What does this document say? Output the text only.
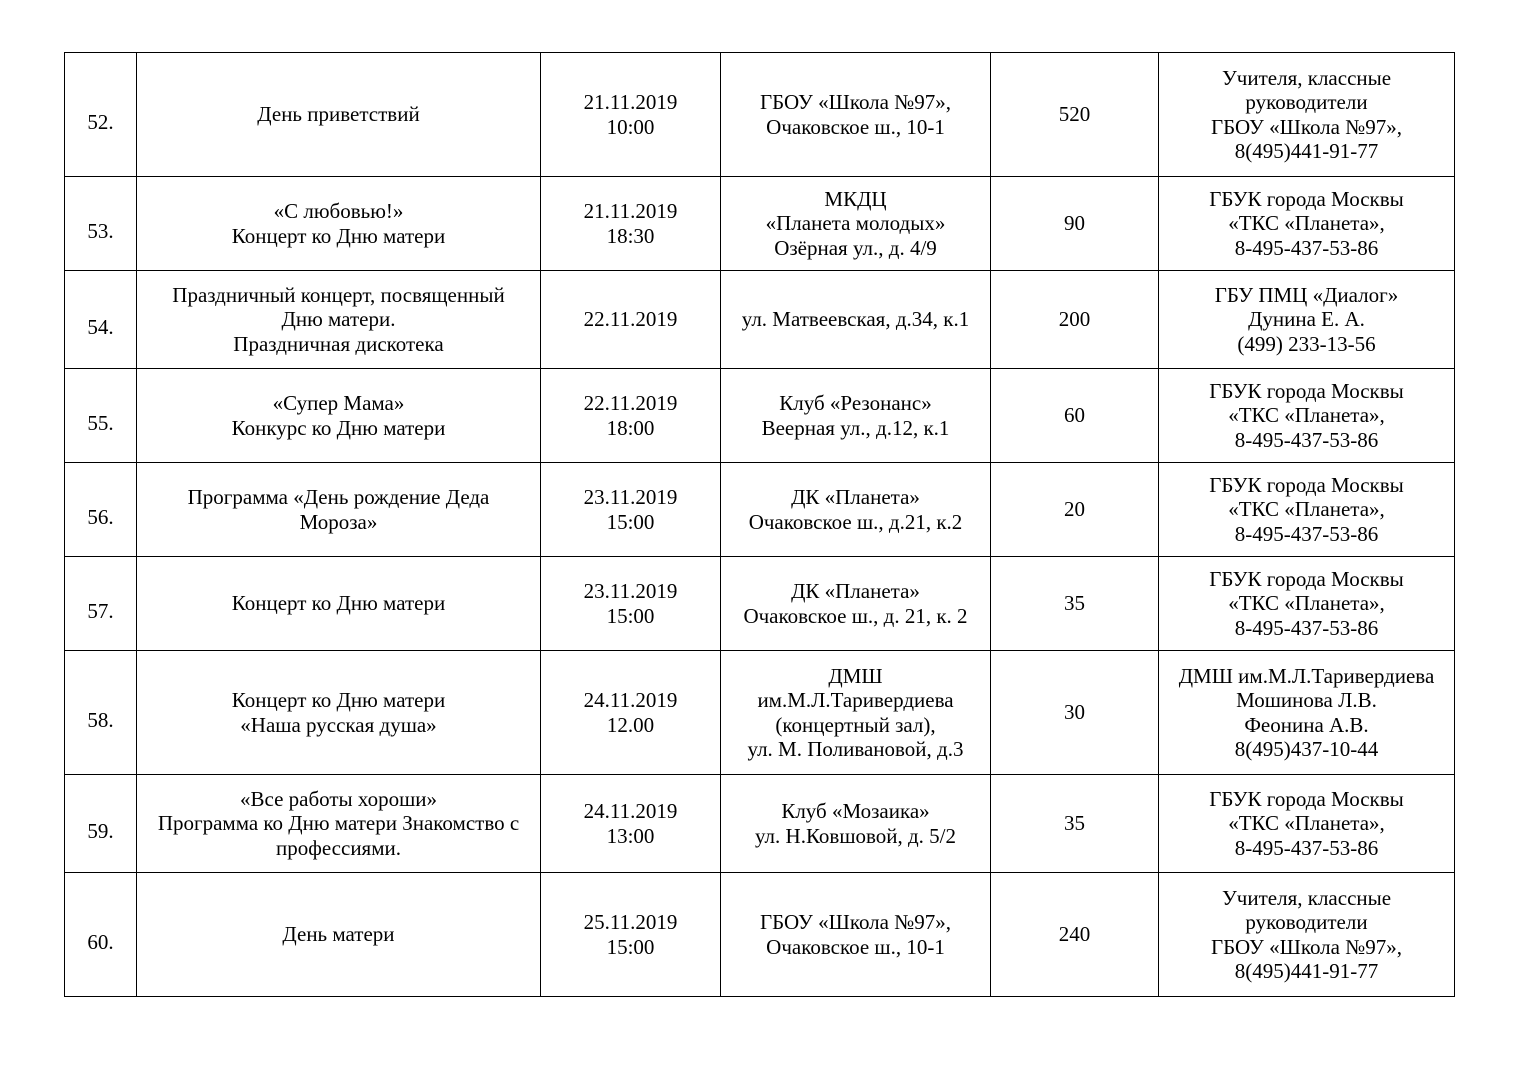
52.	День приветствий	21.11.2019
10:00	ГБОУ «Школа №97»,
Очаковское ш., 10-1	520	Учителя, классные
руководители
ГБОУ «Школа №97»,
8(495)441-91-77

53.	«С любовью!»
Концерт ко Дню матери	21.11.2019
18:30	МКДЦ
«Планета молодых»
Озёрная ул., д. 4/9	90	ГБУК города Москвы
«ТКС «Планета»,
8-495-437-53-86

54.	Праздничный концерт, посвященный
Дню матери.
Праздничная дискотека	22.11.2019	ул. Матвеевская, д.34, к.1	200	ГБУ ПМЦ «Диалог»
Дунина Е. А.
(499) 233-13-56

55.	«Супер Мама»
Конкурс ко Дню матери	22.11.2019
18:00	Клуб «Резонанс»
Веерная ул., д.12, к.1	60	ГБУК города Москвы
«ТКС «Планета»,
8-495-437-53-86

56.	Программа «День рождение Деда
Мороза»	23.11.2019
15:00	ДК «Планета»
Очаковское ш., д.21, к.2	20	ГБУК города Москвы
«ТКС «Планета»,
8-495-437-53-86

57.	Концерт ко Дню матери	23.11.2019
15:00	ДК «Планета»
Очаковское ш., д. 21, к. 2	35	ГБУК города Москвы
«ТКС «Планета»,
8-495-437-53-86

58.	Концерт ко Дню матери
«Наша русская душа»	24.11.2019
12.00	ДМШ
им.М.Л.Таривердиева
(концертный зал),
ул. М. Поливановой, д.3	30	ДМШ им.М.Л.Таривердиева
Мошинова Л.В.
Феонина А.В.
8(495)437-10-44

59.	«Все работы хороши»
Программа ко Дню матери Знакомство с
профессиями.	24.11.2019
13:00	Клуб «Мозаика»
ул. Н.Ковшовой, д. 5/2	35	ГБУК города Москвы
«ТКС «Планета»,
8-495-437-53-86

60.	День матери	25.11.2019
15:00	ГБОУ «Школа №97»,
Очаковское ш., 10-1	240	Учителя, классные
руководители
ГБОУ «Школа №97»,
8(495)441-91-77
